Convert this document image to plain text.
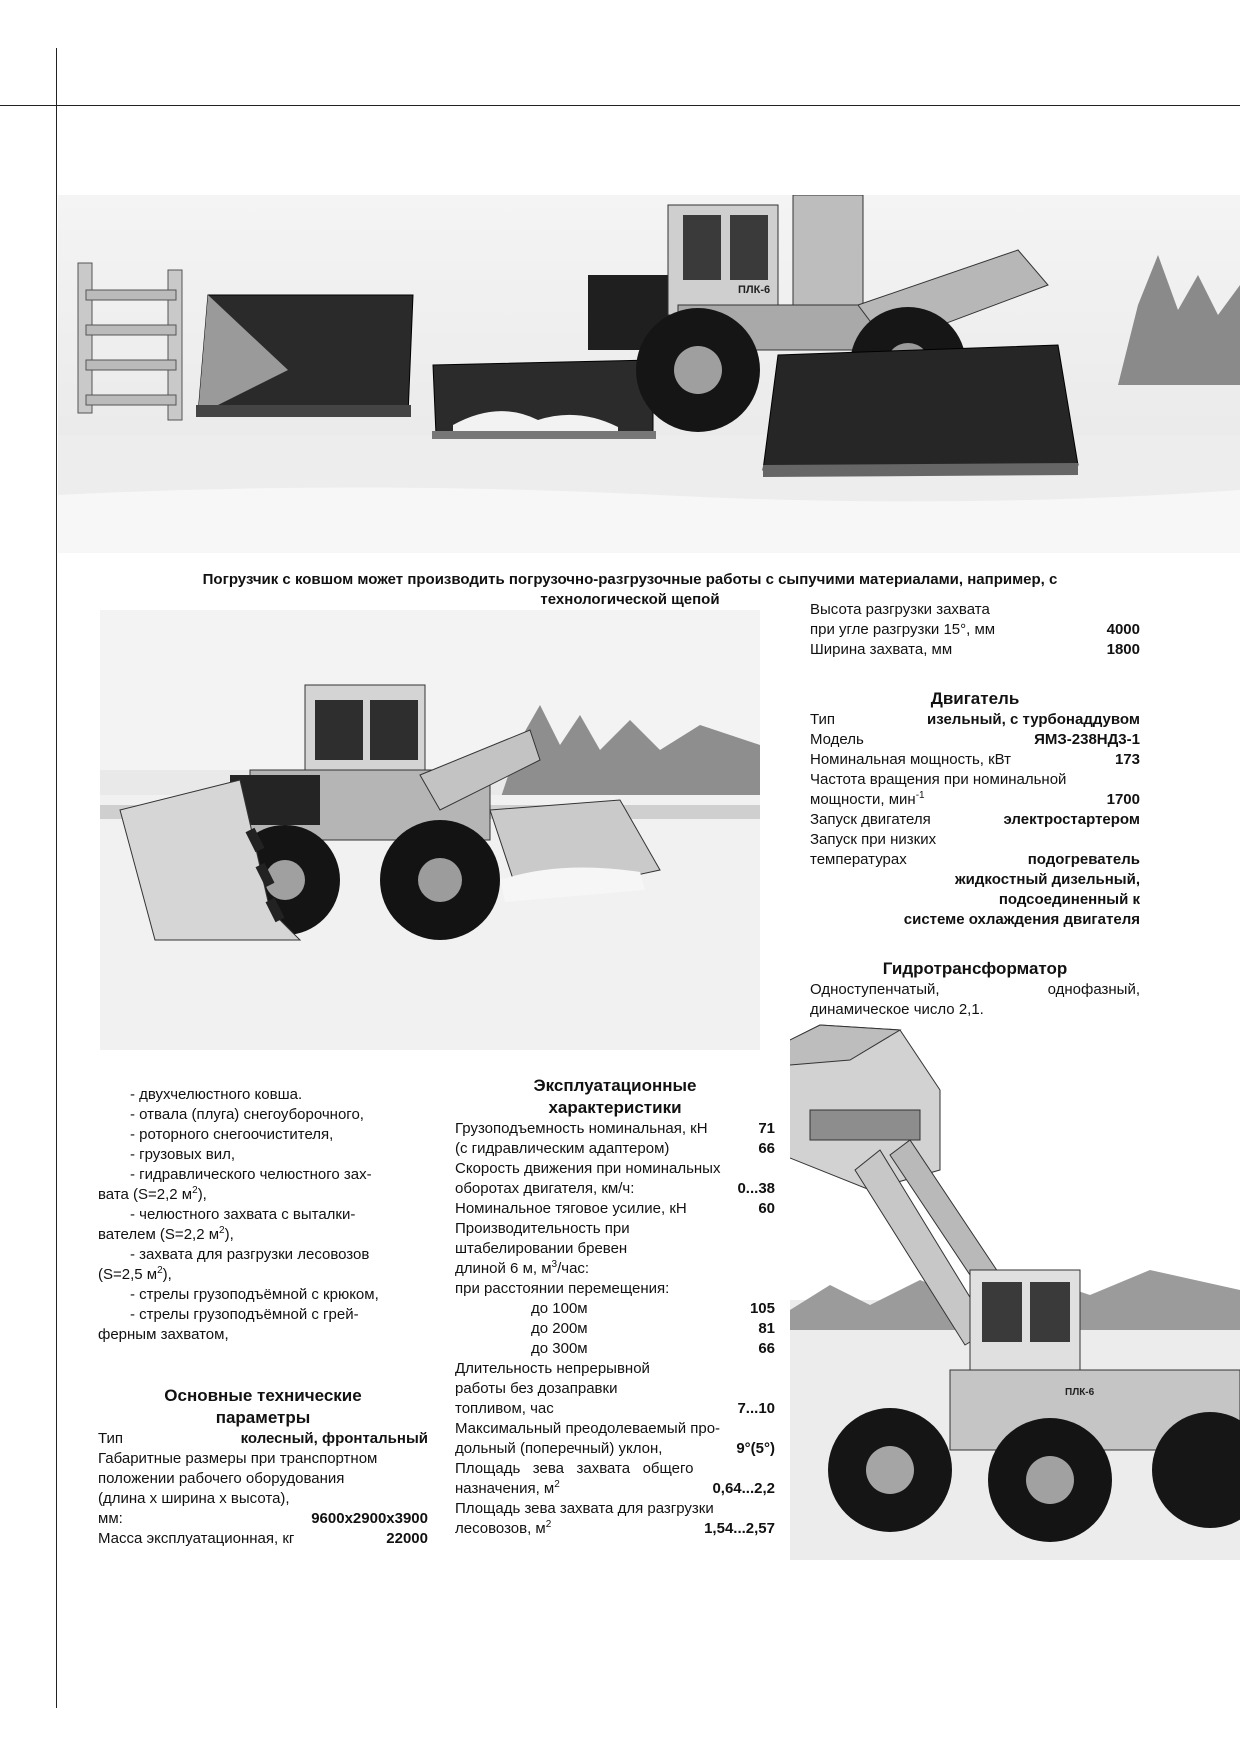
ПЛК-6
Погрузчик с ковшом может производить погрузочно-разгрузочные работы с сыпучими материалами, например, с
технологической щепой
ПЛК-6
Высота разгрузки захвата
при угле разгрузки 15°, мм	4000
Ширина захвата, мм	1800
Двигатель
Тип	изельный, с турбонаддувом
Модель	ЯМЗ-238НД3-1
Номинальная мощность, кВт	173
Частота вращения при номинальной
мощности, мин$^{-1}$	1700
Запуск двигателя	электростартером
Запуск при низких
температурах	подогреватель
жидкостный дизельный,
подсоединенный к
системе охлаждения двигателя
Гидротрансформатор
Одноступенчатый,      однофазный,
динамическое число 2,1.
- двухчелюстного ковша.
- отвала (плуга) снегоуборочного,
- роторного снегоочистителя,
- грузовых вил,
- гидравлического челюстного зах-
вата (S=2,2 $м^2$),
- челюстного захвата с выталки-
вателем (S=2,2 $м^2$),
- захвата для разгрузки лесовозов
(S=2,5 $м^2$),
- стрелы грузоподъёмной с крюком,
- стрелы грузоподъёмной с грей-
ферным захватом,
Основные технические
параметры
Тип	колесный, фронтальный
Габаритные размеры при транспортном
положении рабочего оборудования
(длина х ширина х высота),
мм:	9600х2900х3900
Масса эксплуатационная, кг	22000
Эксплуатационные
характеристики
Грузоподъемность номинальная, кН	71
(с гидравлическим адаптером)	66
Скорость движения при номинальных
оборотах двигателя, км/ч:	0...38
Номинальное тяговое усилие, кН	60
Производительность при
штабелировании бревен
длиной 6 м, $м^3$/час:
при расстоянии перемещения:
до 100м	105
до 200м	81
до 300м	66
Длительность непрерывной
работы без дозаправки
топливом, час	7...10
Максимальный преодолеваемый про-
дольный (поперечный) уклон,	9°(5°)
Площадь   зева   захвата   общего
назначения, $м^2$	0,64...2,2
Площадь зева захвата для разгрузки
лесовозов, $м^2$	1,54...2,57
